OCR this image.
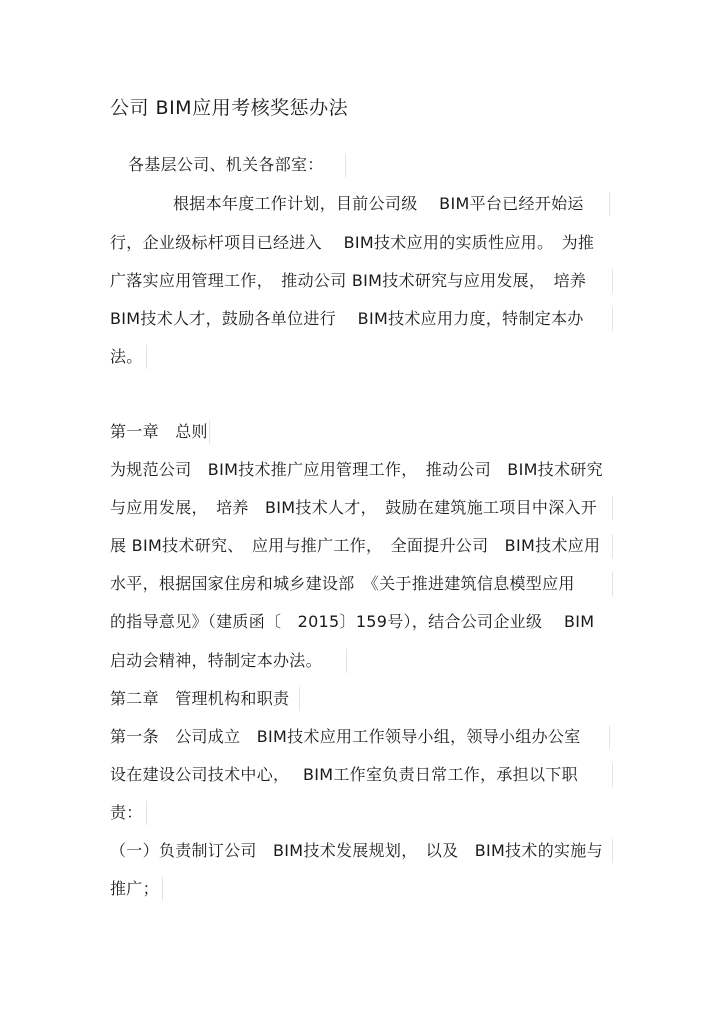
公司 BIM应用考核奖惩办法
各基层公司、机关各部室：
根据本年度工作计划，目前公司级　 BIM平台已经开始运
行，企业级标杆项目已经进入　 BIM技术应用的实质性应用。　为推
广落实应用管理工作，　推动公司 BIM技术研究与应用发展，　培养
BIM技术人才，鼓励各单位进行　 BIM技术应用力度，特制定本办
法。
第一章　总则
为规范公司　BIM技术推广应用管理工作，　推动公司　BIM技术研究
与应用发展，　培养　BIM技术人才，　鼓励在建筑施工项目中深入开
展 BIM技术研究、　应用与推广工作，　全面提升公司　BIM技术应用
水平，根据国家住房和城乡建设部　《关于推进建筑信息模型应用
的指导意见》（建质函〔　2015〕159号），结合公司企业级　 BIM
启动会精神，特制定本办法。
第二章　管理机构和职责
第一条　公司成立　BIM技术应用工作领导小组，领导小组办公室
设在建设公司技术中心，　 BIM工作室负责日常工作，承担以下职
责：
（一）负责制订公司　BIM技术发展规划，　以及　BIM技术的实施与
推广；
